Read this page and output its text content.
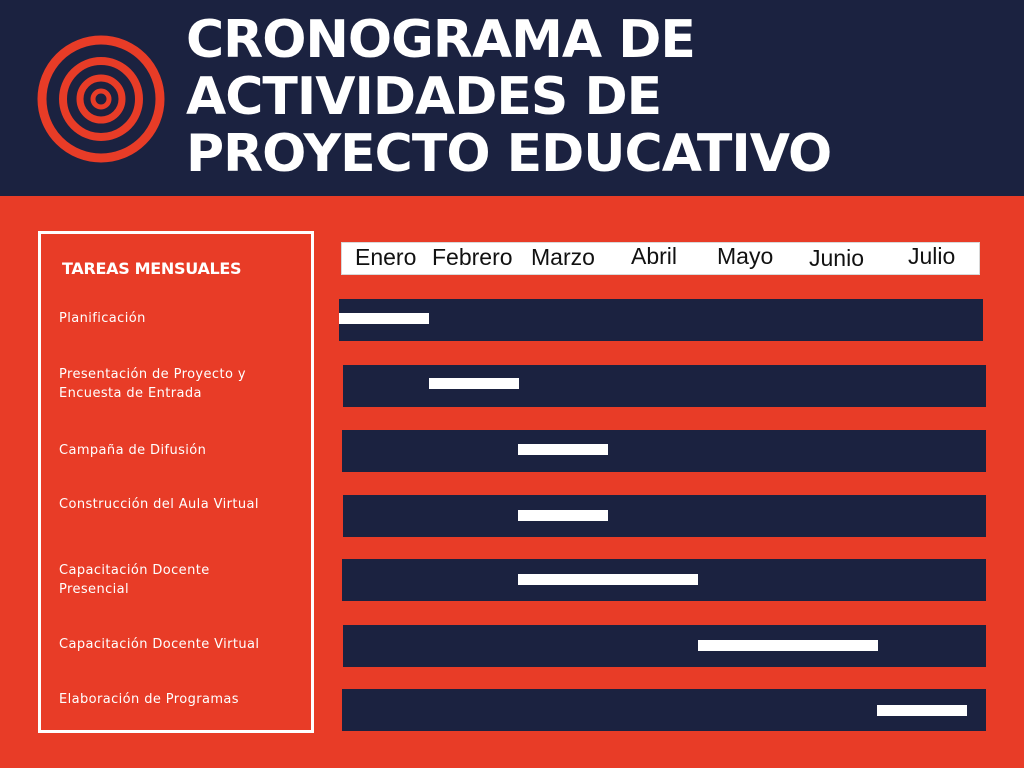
CRONOGRAMA DE
ACTIVIDADES DE
PROYECTO EDUCATIVO
TAREAS MENSUALES
Planificación
Presentación de Proyecto y Encuesta de Entrada
Campaña de Difusión
Construcción del Aula Virtual
Capacitación Docente Presencial
Capacitación Docente Virtual
Elaboración de Programas
Enero Febrero Marzo Abril Mayo Junio Julio
